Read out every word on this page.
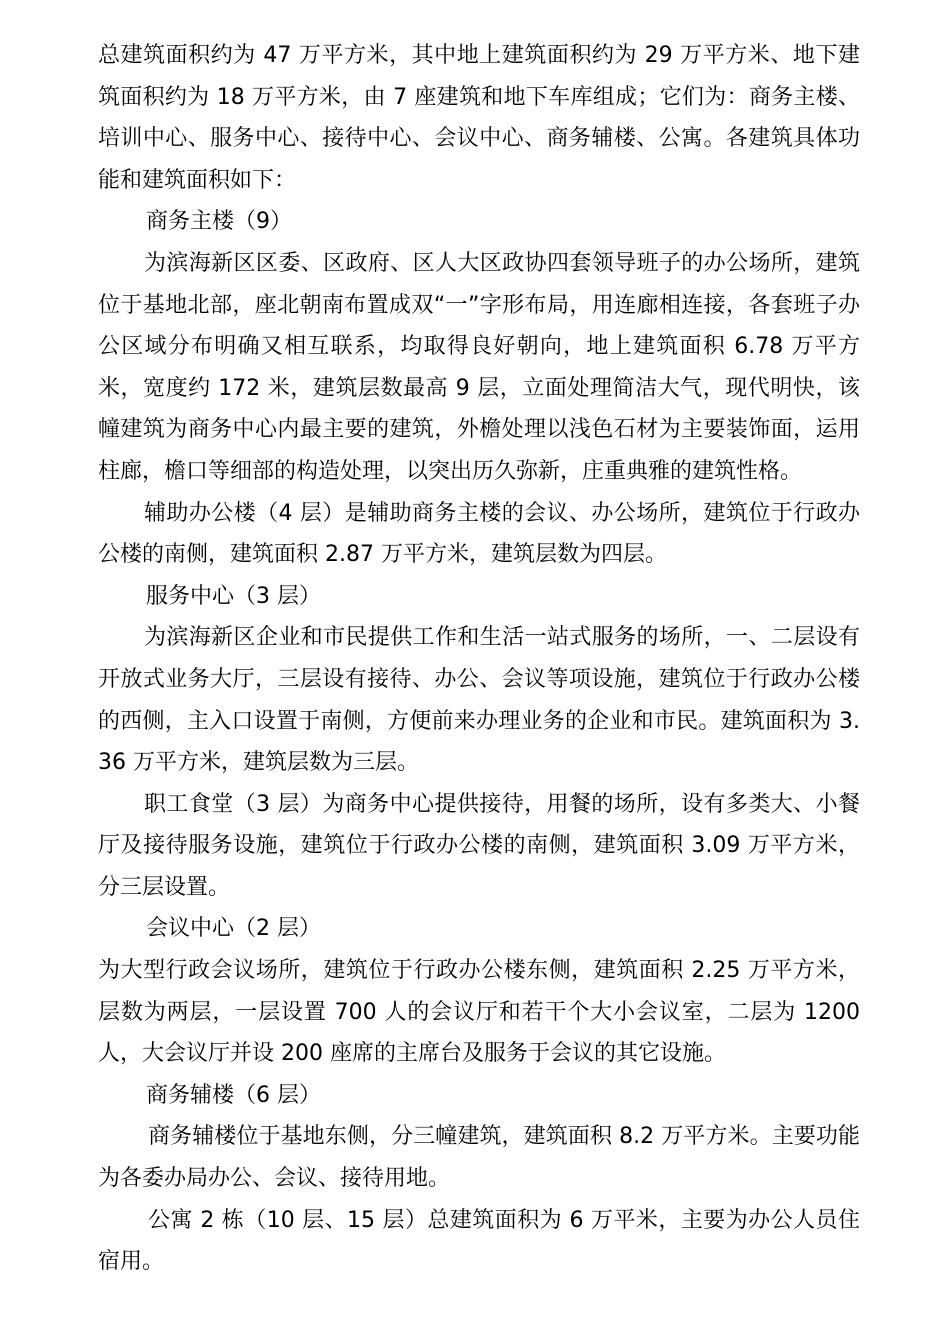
总建筑面积约为 47 万平方米，其中地上建筑面积约为 29 万平方米、地下建筑面积约为 18 万平方米，由 7 座建筑和地下车库组成；它们为：商务主楼、培训中心、服务中心、接待中心、会议中心、商务辅楼、公寓。各建筑具体功能和建筑面积如下：

商务主楼（9）

为滨海新区区委、区政府、区人大区政协四套领导班子的办公场所，建筑位于基地北部，座北朝南布置成双“一”字形布局，用连廊相连接，各套班子办公区域分布明确又相互联系，均取得良好朝向，地上建筑面积 6.78 万平方米，宽度约 172 米，建筑层数最高 9 层，立面处理简洁大气，现代明快，该幢建筑为商务中心内最主要的建筑，外檐处理以浅色石材为主要装饰面，运用柱廊，檐口等细部的构造处理，以突出历久弥新，庄重典雅的建筑性格。

辅助办公楼（4 层）是辅助商务主楼的会议、办公场所，建筑位于行政办公楼的南侧，建筑面积 2.87 万平方米，建筑层数为四层。

服务中心（3 层）

为滨海新区企业和市民提供工作和生活一站式服务的场所，一、二层设有开放式业务大厅，三层设有接待、办公、会议等项设施，建筑位于行政办公楼的西侧，主入口设置于南侧，方便前来办理业务的企业和市民。建筑面积为 3.36 万平方米，建筑层数为三层。

职工食堂（3 层）为商务中心提供接待，用餐的场所，设有多类大、小餐厅及接待服务设施，建筑位于行政办公楼的南侧，建筑面积 3.09 万平方米，分三层设置。

会议中心（2 层）

为大型行政会议场所，建筑位于行政办公楼东侧，建筑面积 2.25 万平方米，层数为两层，一层设置 700 人的会议厅和若干个大小会议室，二层为 1200 人，大会议厅并设 200 座席的主席台及服务于会议的其它设施。

商务辅楼（6 层）

商务辅楼位于基地东侧，分三幢建筑，建筑面积 8.2 万平方米。主要功能为各委办局办公、会议、接待用地。

公寓 2 栋（10 层、15 层）总建筑面积为 6 万平米，主要为办公人员住宿用。
